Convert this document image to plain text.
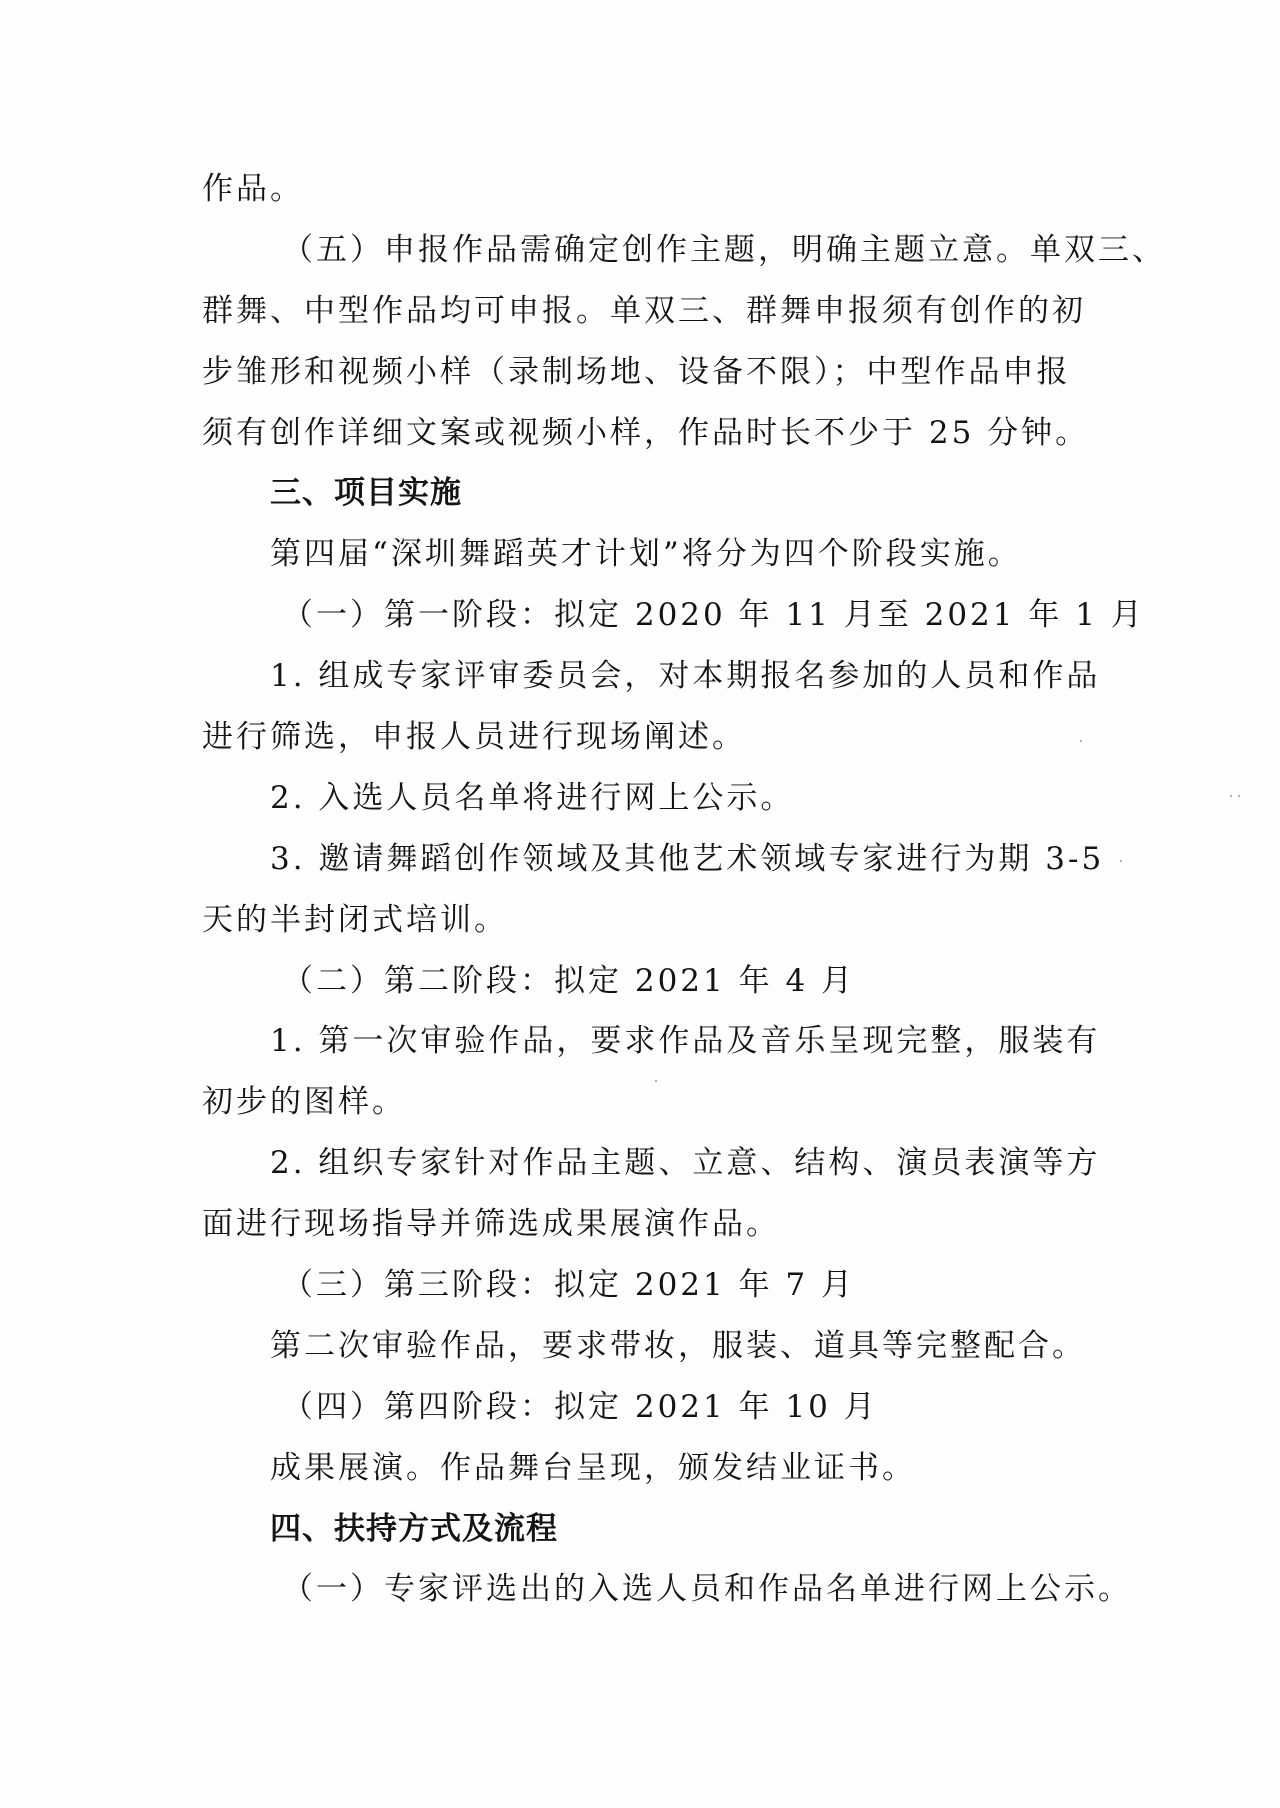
作品。
（五）申报作品需确定创作主题，明确主题立意。单双三、
群舞、中型作品均可申报。单双三、群舞申报须有创作的初
步雏形和视频小样（录制场地、设备不限）；中型作品申报
须有创作详细文案或视频小样，作品时长不少于 25 分钟。
三、项目实施
第四届“深圳舞蹈英才计划”将分为四个阶段实施。
（一）第一阶段：拟定 2020 年 11 月至 2021 年 1 月
1. 组成专家评审委员会，对本期报名参加的人员和作品
进行筛选，申报人员进行现场阐述。
2. 入选人员名单将进行网上公示。
3. 邀请舞蹈创作领域及其他艺术领域专家进行为期 3-5
天的半封闭式培训。
（二）第二阶段：拟定 2021 年 4 月
1. 第一次审验作品，要求作品及音乐呈现完整，服装有
初步的图样。
2. 组织专家针对作品主题、立意、结构、演员表演等方
面进行现场指导并筛选成果展演作品。
（三）第三阶段：拟定 2021 年 7 月
第二次审验作品，要求带妆，服装、道具等完整配合。
（四）第四阶段：拟定 2021 年 10 月
成果展演。作品舞台呈现，颁发结业证书。
四、扶持方式及流程
（一）专家评选出的入选人员和作品名单进行网上公示。
